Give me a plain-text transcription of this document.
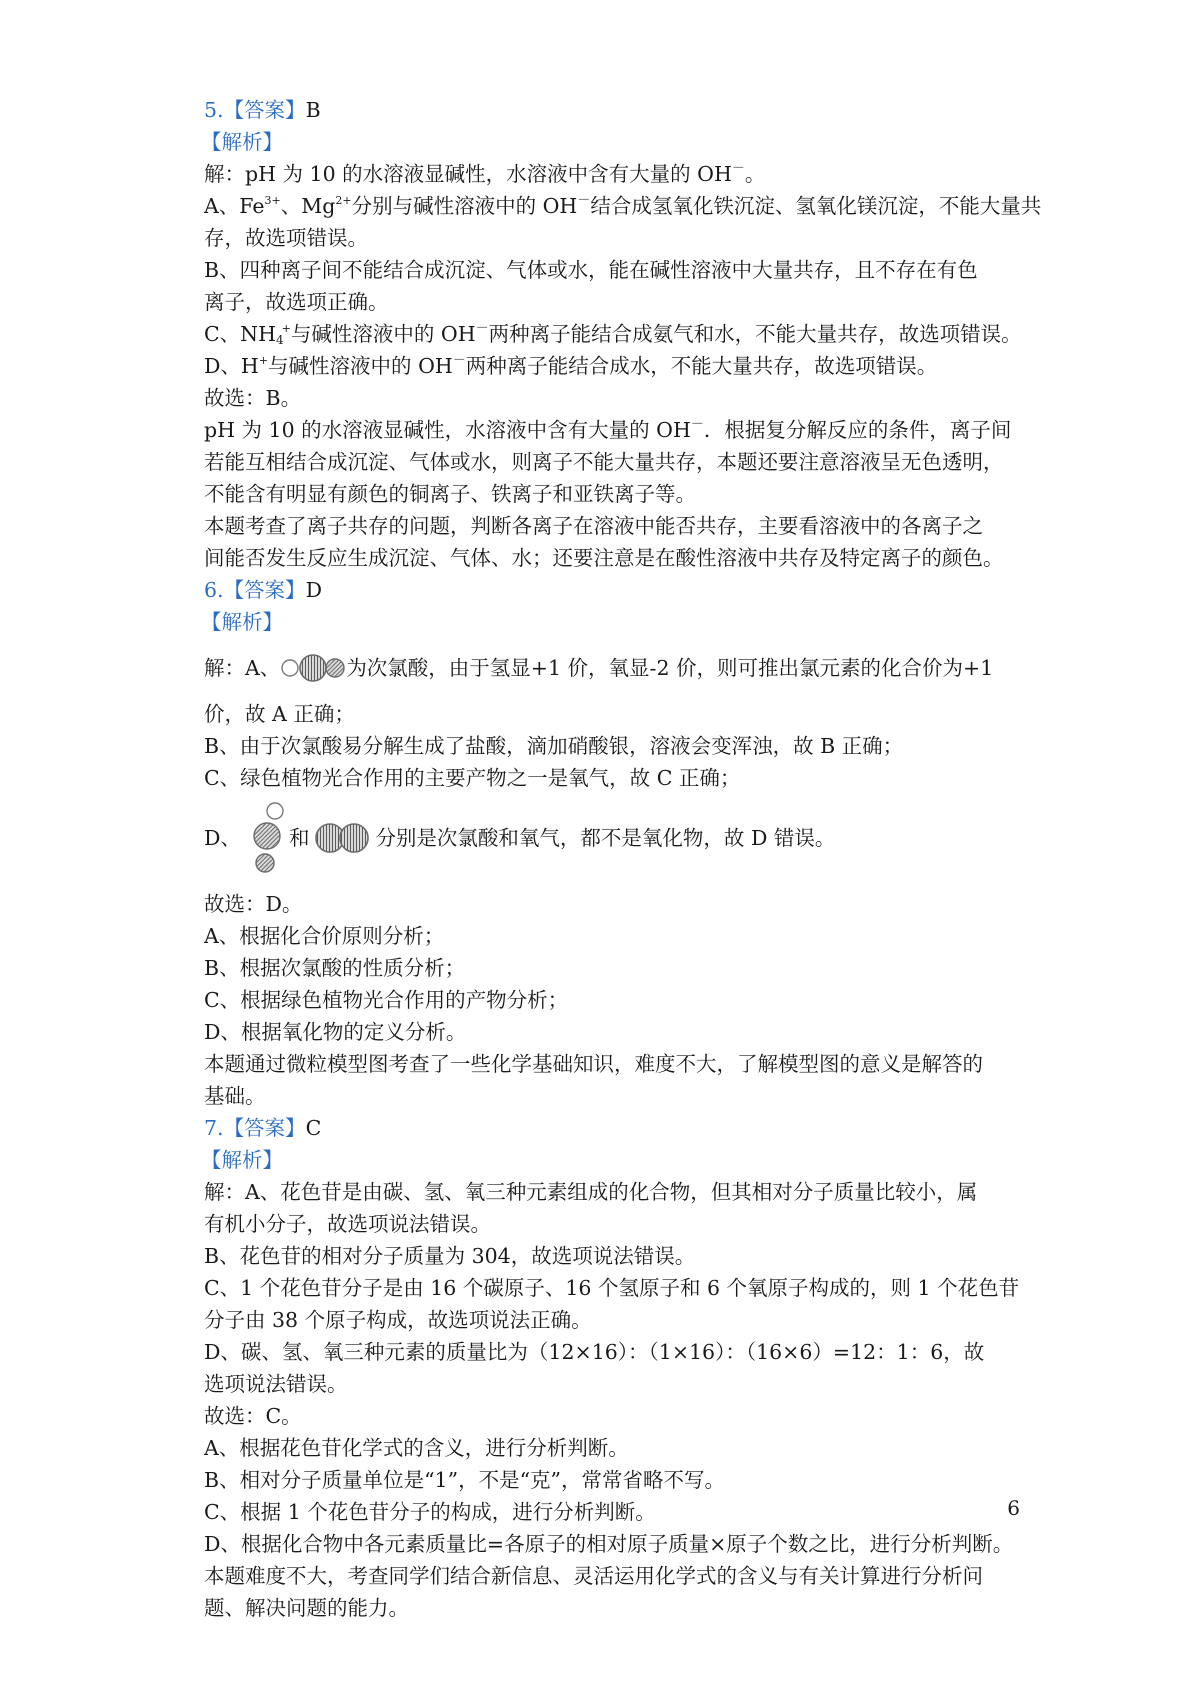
5.【答案】B
【解析】
解：pH 为 10 的水溶液显碱性，水溶液中含有大量的 OH－。
A、$Fe^{3+}$、$Mg^{2+}$分别与碱性溶液中的 OH－结合成氢氧化铁沉淀、氢氧化镁沉淀，不能大量共
存，故选项错误。
B、四种离子间不能结合成沉淀、气体或水，能在碱性溶液中大量共存，且不存在有色
离子，故选项正确。
C、NH4+与碱性溶液中的 OH－两种离子能结合成氨气和水，不能大量共存，故选项错误。
D、H+与碱性溶液中的 OH－两种离子能结合成水，不能大量共存，故选项错误。
故选：B。
pH 为 10 的水溶液显碱性，水溶液中含有大量的 OH－．根据复分解反应的条件，离子间
若能互相结合成沉淀、气体或水，则离子不能大量共存，本题还要注意溶液呈无色透明，
不能含有明显有颜色的铜离子、铁离子和亚铁离子等。
本题考查了离子共存的问题，判断各离子在溶液中能否共存，主要看溶液中的各离子之
间能否发生反应生成沉淀、气体、水；还要注意是在酸性溶液中共存及特定离子的颜色。
6.【答案】D
【解析】
解：A、	为次氯酸，由于氢显+1 价，氧显-2 价，则可推出氯元素的化合价为+1
价，故 A 正确；
B、由于次氯酸易分解生成了盐酸，滴加硝酸银，溶液会变浑浊，故 B 正确；
C、绿色植物光合作用的主要产物之一是氧气，故 C 正确；
D、 和	分别是次氯酸和氧气，都不是氧化物，故 D 错误。
故选：D。
A、根据化合价原则分析；
B、根据次氯酸的性质分析；
C、根据绿色植物光合作用的产物分析；
D、根据氧化物的定义分析。
本题通过微粒模型图考查了一些化学基础知识，难度不大，了解模型图的意义是解答的
基础。
7.【答案】C
【解析】
解：A、花色苷是由碳、氢、氧三种元素组成的化合物，但其相对分子质量比较小，属
有机小分子，故选项说法错误。
B、花色苷的相对分子质量为 304，故选项说法错误。
C、1 个花色苷分子是由 16 个碳原子、16 个氢原子和 6 个氧原子构成的，则 1 个花色苷
分子由 38 个原子构成，故选项说法正确。
D、碳、氢、氧三种元素的质量比为（12×16）：（1×16）：（16×6）=12：1：6，故
选项说法错误。
故选：C。
A、根据花色苷化学式的含义，进行分析判断。
B、相对分子质量单位是“1”，不是“克”，常常省略不写。
C、根据 1 个花色苷分子的构成，进行分析判断。
D、根据化合物中各元素质量比=各原子的相对原子质量×原子个数之比，进行分析判断。
本题难度不大，考查同学们结合新信息、灵活运用化学式的含义与有关计算进行分析问
题、解决问题的能力。
6
